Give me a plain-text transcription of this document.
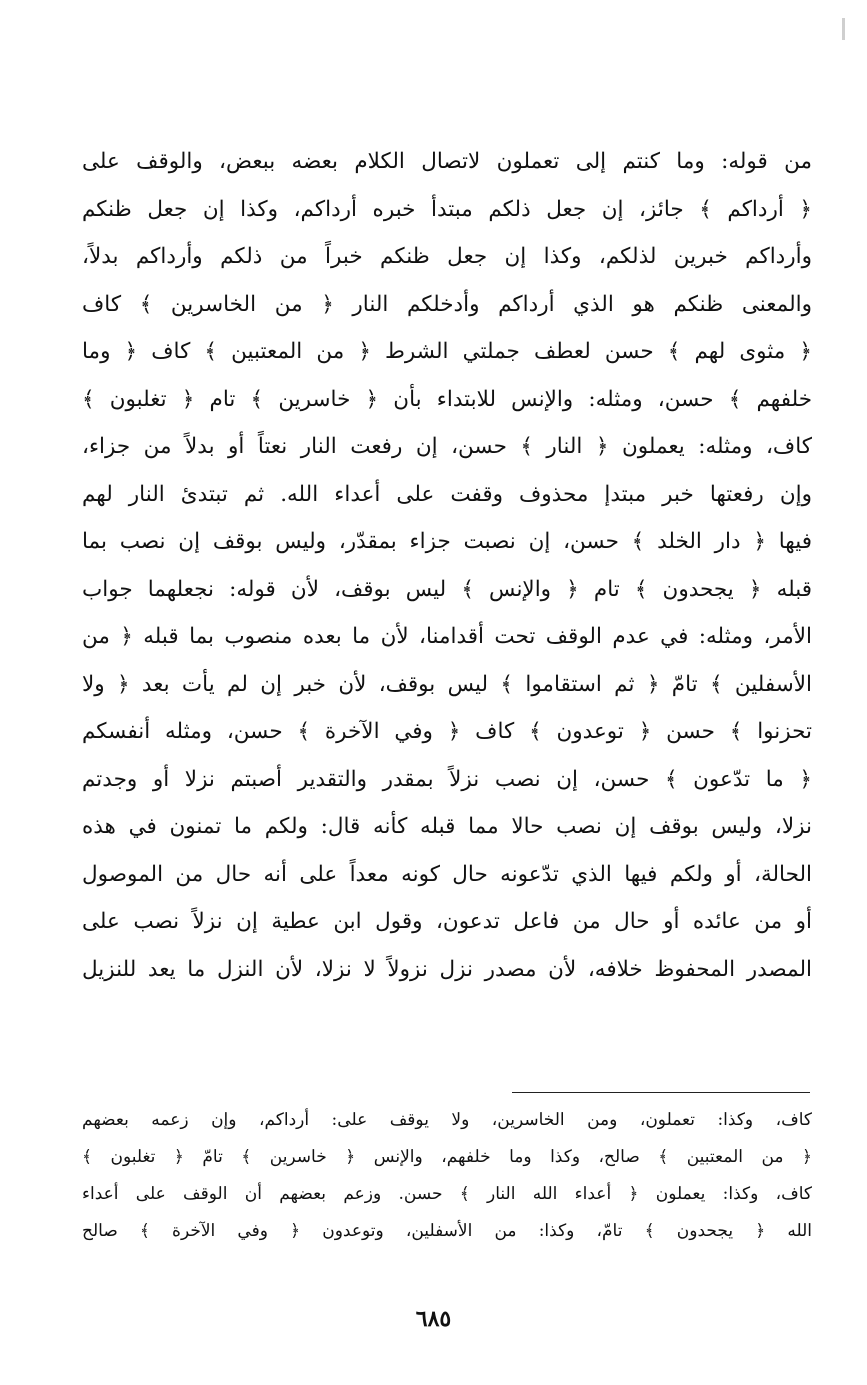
من قوله: وما كنتم إلى تعملون لاتصال الكلام بعضه ببعض، والوقف على
﴿ أرداكم ﴾ جائز، إن جعل ذلكم مبتدأ خبره أرداكم، وكذا إن جعل ظنكم
وأرداكم خبرين لذلكم، وكذا إن جعل ظنكم خبراً من ذلكم وأرداكم بدلاً،
والمعنى ظنكم هو الذي أرداكم وأدخلكم النار ﴿ من الخاسرين ﴾ كاف
﴿ مثوى لهم ﴾ حسن لعطف جملتي الشرط ﴿ من المعتبين ﴾ كاف ﴿ وما
خلفهم ﴾ حسن، ومثله: والإنس للابتداء بأن ﴿ خاسرين ﴾ تام ﴿ تغلبون ﴾
كاف، ومثله: يعملون ﴿ النار ﴾ حسن، إن رفعت النار نعتاً أو بدلاً من جزاء،
وإن رفعتها خبر مبتدإ محذوف وقفت على أعداء الله. ثم تبتدئ النار لهم
فيها ﴿ دار الخلد ﴾ حسن، إن نصبت جزاء بمقدّر، وليس بوقف إن نصب بما
قبله ﴿ يجحدون ﴾ تام ﴿ والإنس ﴾ ليس بوقف، لأن قوله: نجعلهما جواب
الأمر، ومثله: في عدم الوقف تحت أقدامنا، لأن ما بعده منصوب بما قبله ﴿ من
الأسفلين ﴾ تامّ ﴿ ثم استقاموا ﴾ ليس بوقف، لأن خبر إن لم يأت بعد ﴿ ولا
تحزنوا ﴾ حسن ﴿ توعدون ﴾ كاف ﴿ وفي الآخرة ﴾ حسن، ومثله أنفسكم
﴿ ما تدّعون ﴾ حسن، إن نصب نزلاً بمقدر والتقدير أصبتم نزلا أو وجدتم
نزلا، وليس بوقف إن نصب حالا مما قبله كأنه قال: ولكم ما تمنون في هذه
الحالة، أو ولكم فيها الذي تدّعونه حال كونه معداً على أنه حال من الموصول
أو من عائده أو حال من فاعل تدعون، وقول ابن عطية إن نزلاً نصب على
المصدر المحفوظ خلافه، لأن مصدر نزل نزولاً لا نزلا، لأن النزل ما يعد للنزيل
كاف، وكذا: تعملون، ومن الخاسرين، ولا يوقف على: أرداكم، وإن زعمه بعضهم
﴿ من المعتبين ﴾ صالح، وكذا وما خلفهم، والإنس ﴿ خاسرين ﴾ تامّ ﴿ تغلبون ﴾
كاف، وكذا: يعملون ﴿ أعداء الله النار ﴾ حسن. وزعم بعضهم أن الوقف على أعداء
الله ﴿ يجحدون ﴾ تامّ، وكذا: من الأسفلين، وتوعدون ﴿ وفي الآخرة ﴾ صالح
٦٨٥
